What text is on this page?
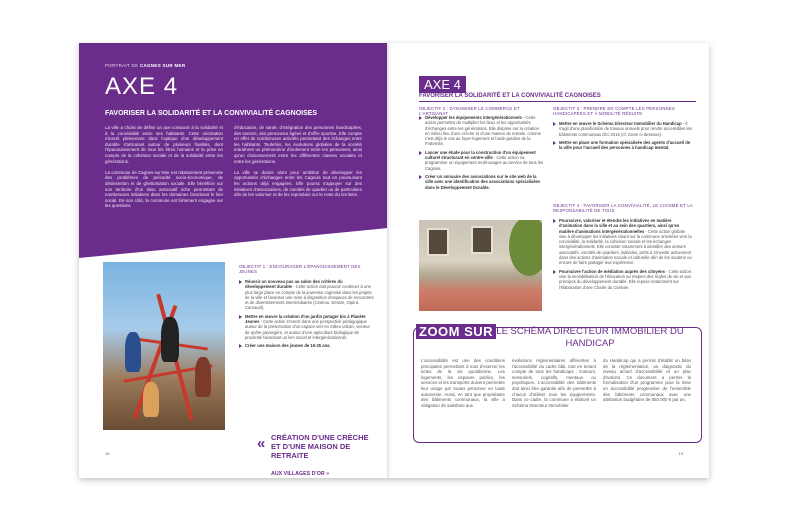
PORTRAIT DE CAGNES SUR MER
AXE 4
FAVORISER LA SOLIDARITÉ ET LA CONVIVIALITÉ CAGNOISES
La ville a choisi de définir un axe consacré à la solidarité et à la convivialité entre ses habitants. Cette orientation s'inscrit pleinement dans l'optique d'un développement durable s'articulant autour de plusieurs finalités, dont l'épanouissement de tous les êtres humains et la prise en compte de la cohésion sociale et de la solidarité entre les générations.

La commune de Cagnes-sur-Mer est relativement préservée des problèmes de précarité socio-économique, de désinsertion et de ghettoïsation sociale. Elle bénéficie sur son territoire d'un tissu associatif riche permettant de nombreuses initiatives dans les domaines favorisant le lien social. De son côté, la commune est fortement engagée sur les questions
d'éducation, de santé, d'intégration des personnes handicapées, des seniors, des personnes âgées et d'offre sportive. Elle compte en effet de nombreuses activités permettant des échanges entre les habitants. Toutefois, les évolutions globales de la société entraînent un phénomène d'isolement entre les personnes, ainsi qu'un cloisonnement entre les différentes classes sociales et entre les générations.

La ville se donne alors pour ambition de développer les opportunités d'échanges entre les Cagnois tout en poursuivant les actions déjà engagées. Elle pourra s'appuyer sur des initiatives d'associations, de comités de quartier ou de particuliers afin de les valoriser et de les reproduire sur le reste du territoire.
OBJECTIF 1 : ENCOURAGER L'ÉPANOUISSEMENT DES JEUNES
Réussir un nouveau pas au salon des critères du développement durable - Cette action doit pouvoir continuer à une plus large place en compte de la jeunesse cagnoise dans les projets de la ville et favoriser une mise à disposition d'espaces de rencontres et de divertissements intermédiaires (Cinéma, Dessin, Opéra, Carnaval).
Mettre en œuvre la création d'un jardin potager bio à Planète Jeunes - Cette action s'inscrit dans une perspective pédagogique autour de la préservation d'un espace vert en milieu urbain, vecteur de quête paysagère, et autour d'une agriculture biologique de proximité favorisant un lien social et intergénérationnel.
Créer une maison des jeunes de 16-25 ans.
« CRÉATION D'UNE CRÈCHE ET D'UNE MAISON DE RETRAITE
AUX VILLAGES D'OR »
16
AXE 4
FAVORISER LA SOLIDARITÉ ET LA CONVIVIALITÉ CAGNOISES
OBJECTIF 2 : DYNAMISER LE COMMERCE ET L'ARTISANAT
Développer les équipements intergénérationnels - Cette action permettra de multiplier les lieux et les opportunités d'échanges entre les générations. Elle dispose sur la création en milieu lieu d'une crèche et d'une maison de retraite, comme c'est déjà le cas au foyer-logement et l'aide gardien de la Fraternité.
Lancer une étude pour la construction d'un équipement culturel structurant en centre-ville - Cette action va programmer un équipement multi-usages au service de tous les Cagnois.
Créer un annuaire des associations sur le site web de la ville avec une identification des associations spécialisées dans le Développement Durable.
OBJECTIF 3 : PRENDRE EN COMPTE LES PERSONNES HANDICAPÉES ET À MOBILITÉ RÉDUITE
Mettre en œuvre le Schéma Directeur Immobilier du Handicap - Il s'agit d'une planification de travaux annuels pour rendre accessibles les bâtiments communaux d'ici 2015 (cf. zoom ci-dessous).
Mettre en place une formation spécialisée des agents d'accueil de la ville pour l'accueil des personnes à handicap mental.
OBJECTIF 4 : FAVORISER LA CONVIVIALITÉ, LE CIVISME ET LA RESPONSABILITÉ DE TOUS
Poursuivre, valoriser et étendre les initiatives en matière d'animation dans la ville et au sein des quartiers, ainsi qu'en matière d'animations intergénérationnelles - Cette action globale vise à développer les initiatives visant sur la commune orientées vers la convivialité, la solidarité, la cohésion sociale et les échanges intergénérationnels. Elle consiste notamment à identifier des acteurs associatifs, comités de quartiers, individus, prêts à s'investir activement dans des actions d'animation sociale et culturelle afin de les soutenir ou encore de faire partager leur expérience.
Poursuivre l'action de médiation auprès des citoyens - Cette action vise la sensibilisation de l'éducation au respect des règles de vie et aux principes du développement durable. Elle repose notamment sur l'élaboration d'une Charte du Civisme.
ZOOM SUR LE SCHÉMA DIRECTEUR IMMOBILIER DU HANDICAP
L'accessibilité est une des conditions principales permettant à tous d'exercer les actes de la vie quotidienne. Les logements, les espaces publics, les services et les transports doivent permettre leur usage par toutes personne en toute autonomie. Aussi, en tant que propriétaire des bâtiments communaux, la ville a obligation de satisfaire aux
évolutions réglementaires afférentes à l'accessibilité du cadre bâti, tout en tenant compte de tous les handicaps : moteurs, sensoriels, cognitifs, mentaux ou psychiques. L'accessibilité des bâtiments doit ainsi être garantie afin de permettre à chacun d'utiliser tous les équipements. Dans ce cadre, la commune a élaboré un Schéma Directeur Immobilier
du Handicap qui a permis d'établir un bilan de la réglementation, un diagnostic du niveau actuel d'accessibilité et un plan d'actions. Ce document a permis la formalisation d'un programme pour la mise en accessibilité progressive de l'ensemble des bâtiments communaux avec une attribution budgétaire de 650 000 € par an.
19
